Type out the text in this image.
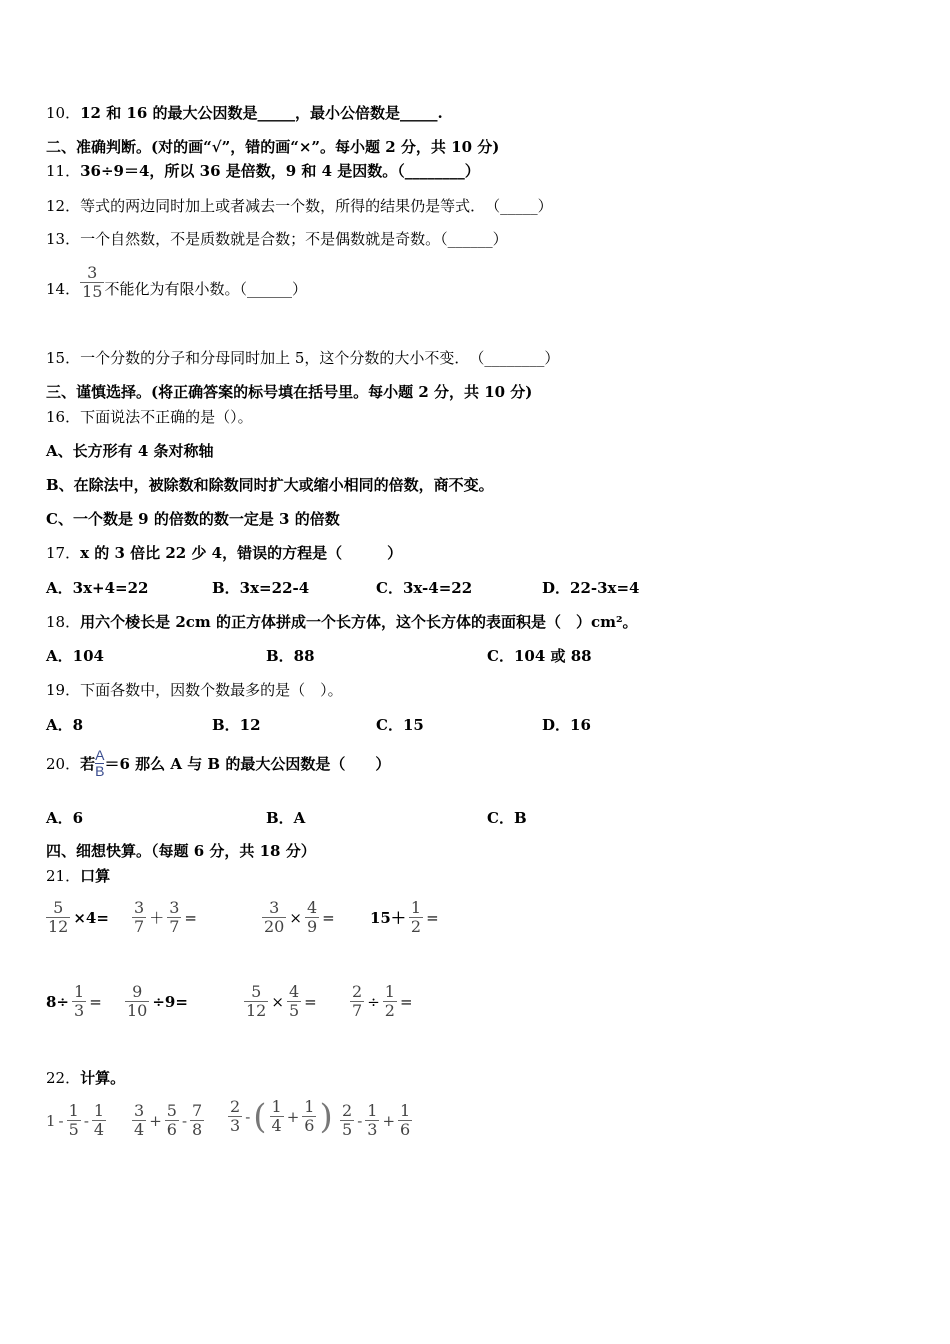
10．12 和 16 的最大公因数是_____，最小公倍数是_____.
二、准确判断。(对的画“√”，错的画“×”。每小题 2 分，共 10 分)
11．36÷9＝4，所以 36 是倍数，9 和 4 是因数。（________）
12．等式的两边同时加上或者减去一个数，所得的结果仍是等式．　（_____）
13．一个自然数，不是质数就是合数；不是偶数就是奇数。（______）
14． $\frac{3}{15}$ 不能化为有限小数。（______）
15．一个分数的分子和分母同时加上 5，这个分数的大小不变．　（________）
三、谨慎选择。(将正确答案的标号填在括号里。每小题 2 分，共 10 分)
16．下面说法不正确的是（）。
A、长方形有 4 条对称轴
B、在除法中，被除数和除数同时扩大或缩小相同的倍数，商不变。
C、一个数是 9 的倍数的数一定是 3 的倍数
17．x 的 3 倍比 22 少 4，错误的方程是（　　　）
A．3x+4=22	B．3x=22-4	C．3x-4=22	D．22-3x=4
18．用六个棱长是 2cm 的正方体拼成一个长方体，这个长方体的表面积是（　）cm²。
A．104	B．88	C．104 或 88
19．下面各数中，因数个数最多的是（　）。
A．8	B．12	C．15	D．16
20． 若 A
B ＝6 那么 A 与 B 的最大公因数是（　　）
A．6	B．A	C．B
四、细想快算。（每题 6 分，共 18 分）
21．口算
$\frac{5}{12} \times 4= \frac{3}{7} + \frac{3}{7}$ =	$\frac{3}{20} \times \frac{4}{9} = 15+ \frac{1}{2}$ =
$8\div \frac{1}{3} = \frac{9}{10} \div 9=$	$\frac{5}{12} \times \frac{4}{5} = \frac{2}{7} \div \frac{1}{2}$ =
22．计算。
$1 - \frac{1}{5} - \frac{1}{4} \frac{3}{4} + \frac{5}{6} - \frac{7}{8} \frac{2}{3}$ - ( $\frac{1}{4} + \frac{1}{6}$ ) $\frac{2}{5} - \frac{1}{3} + \frac{1}{6}$
